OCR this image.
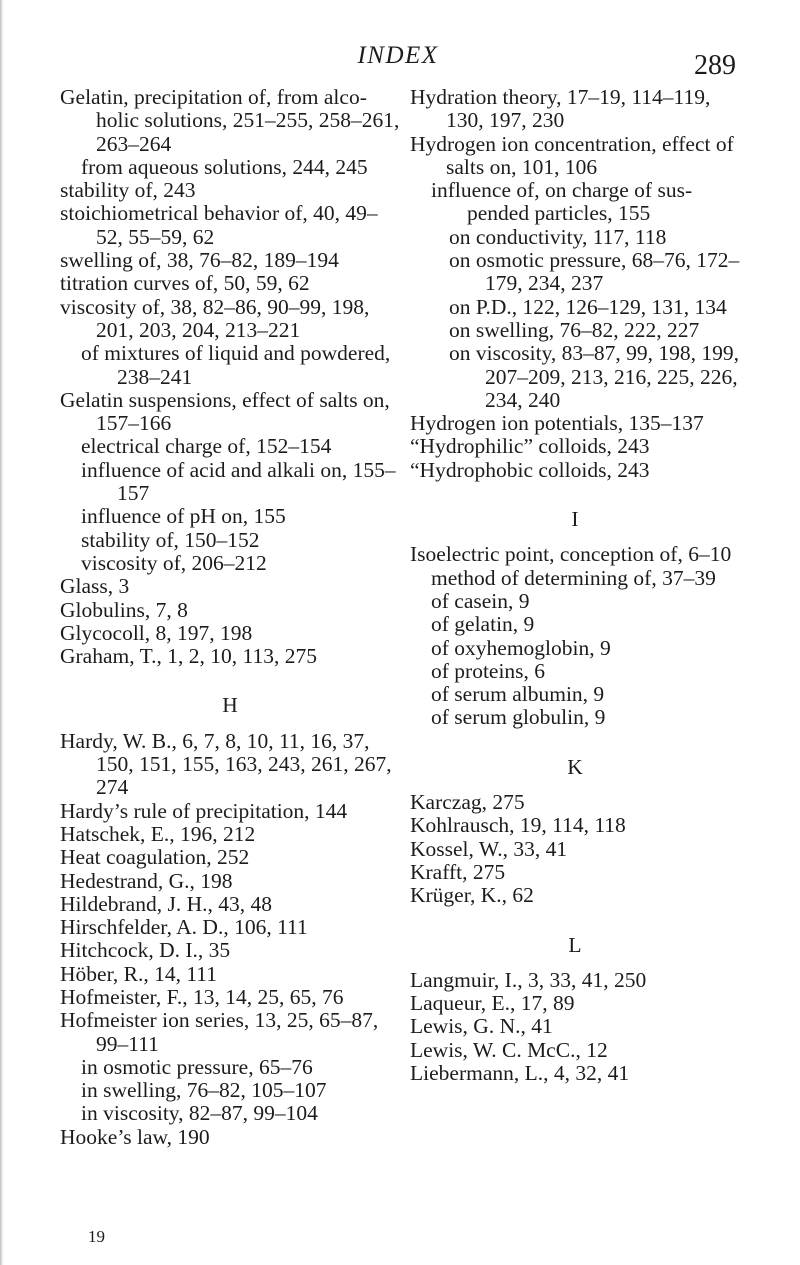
INDEX	289
Gelatin, precipitation of, from alcoholic solutions, 251–255, 258–261, 263–264
from aqueous solutions, 244, 245
stability of, 243
stoichiometrical behavior of, 40, 49–52, 55–59, 62
swelling of, 38, 76–82, 189–194
titration curves of, 50, 59, 62
viscosity of, 38, 82–86, 90–99, 198, 201, 203, 204, 213–221
of mixtures of liquid and powdered, 238–241
Gelatin suspensions, effect of salts on, 157–166
electrical charge of, 152–154
influence of acid and alkali on, 155–157
influence of pH on, 155
stability of, 150–152
viscosity of, 206–212
Glass, 3
Globulins, 7, 8
Glycocoll, 8, 197, 198
Graham, T., 1, 2, 10, 113, 275
H
Hardy, W. B., 6, 7, 8, 10, 11, 16, 37, 150, 151, 155, 163, 243, 261, 267, 274
Hardy’s rule of precipitation, 144
Hatschek, E., 196, 212
Heat coagulation, 252
Hedestrand, G., 198
Hildebrand, J. H., 43, 48
Hirschfelder, A. D., 106, 111
Hitchcock, D. I., 35
Höber, R., 14, 111
Hofmeister, F., 13, 14, 25, 65, 76
Hofmeister ion series, 13, 25, 65–87, 99–111
in osmotic pressure, 65–76
in swelling, 76–82, 105–107
in viscosity, 82–87, 99–104
Hooke’s law, 190
Hydration theory, 17–19, 114–119, 130, 197, 230
Hydrogen ion concentration, effect of salts on, 101, 106
influence of, on charge of suspended particles, 155
on conductivity, 117, 118
on osmotic pressure, 68–76, 172–179, 234, 237
on P.D., 122, 126–129, 131, 134
on swelling, 76–82, 222, 227
on viscosity, 83–87, 99, 198, 199, 207–209, 213, 216, 225, 226, 234, 240
Hydrogen ion potentials, 135–137
“Hydrophilic” colloids, 243
“Hydrophobic colloids, 243
I
Isoelectric point, conception of, 6–10
method of determining of, 37–39
of casein, 9
of gelatin, 9
of oxyhemoglobin, 9
of proteins, 6
of serum albumin, 9
of serum globulin, 9
K
Karczag, 275
Kohlrausch, 19, 114, 118
Kossel, W., 33, 41
Krafft, 275
Krüger, K., 62
L
Langmuir, I., 3, 33, 41, 250
Laqueur, E., 17, 89
Lewis, G. N., 41
Lewis, W. C. McC., 12
Liebermann, L., 4, 32, 41
19
